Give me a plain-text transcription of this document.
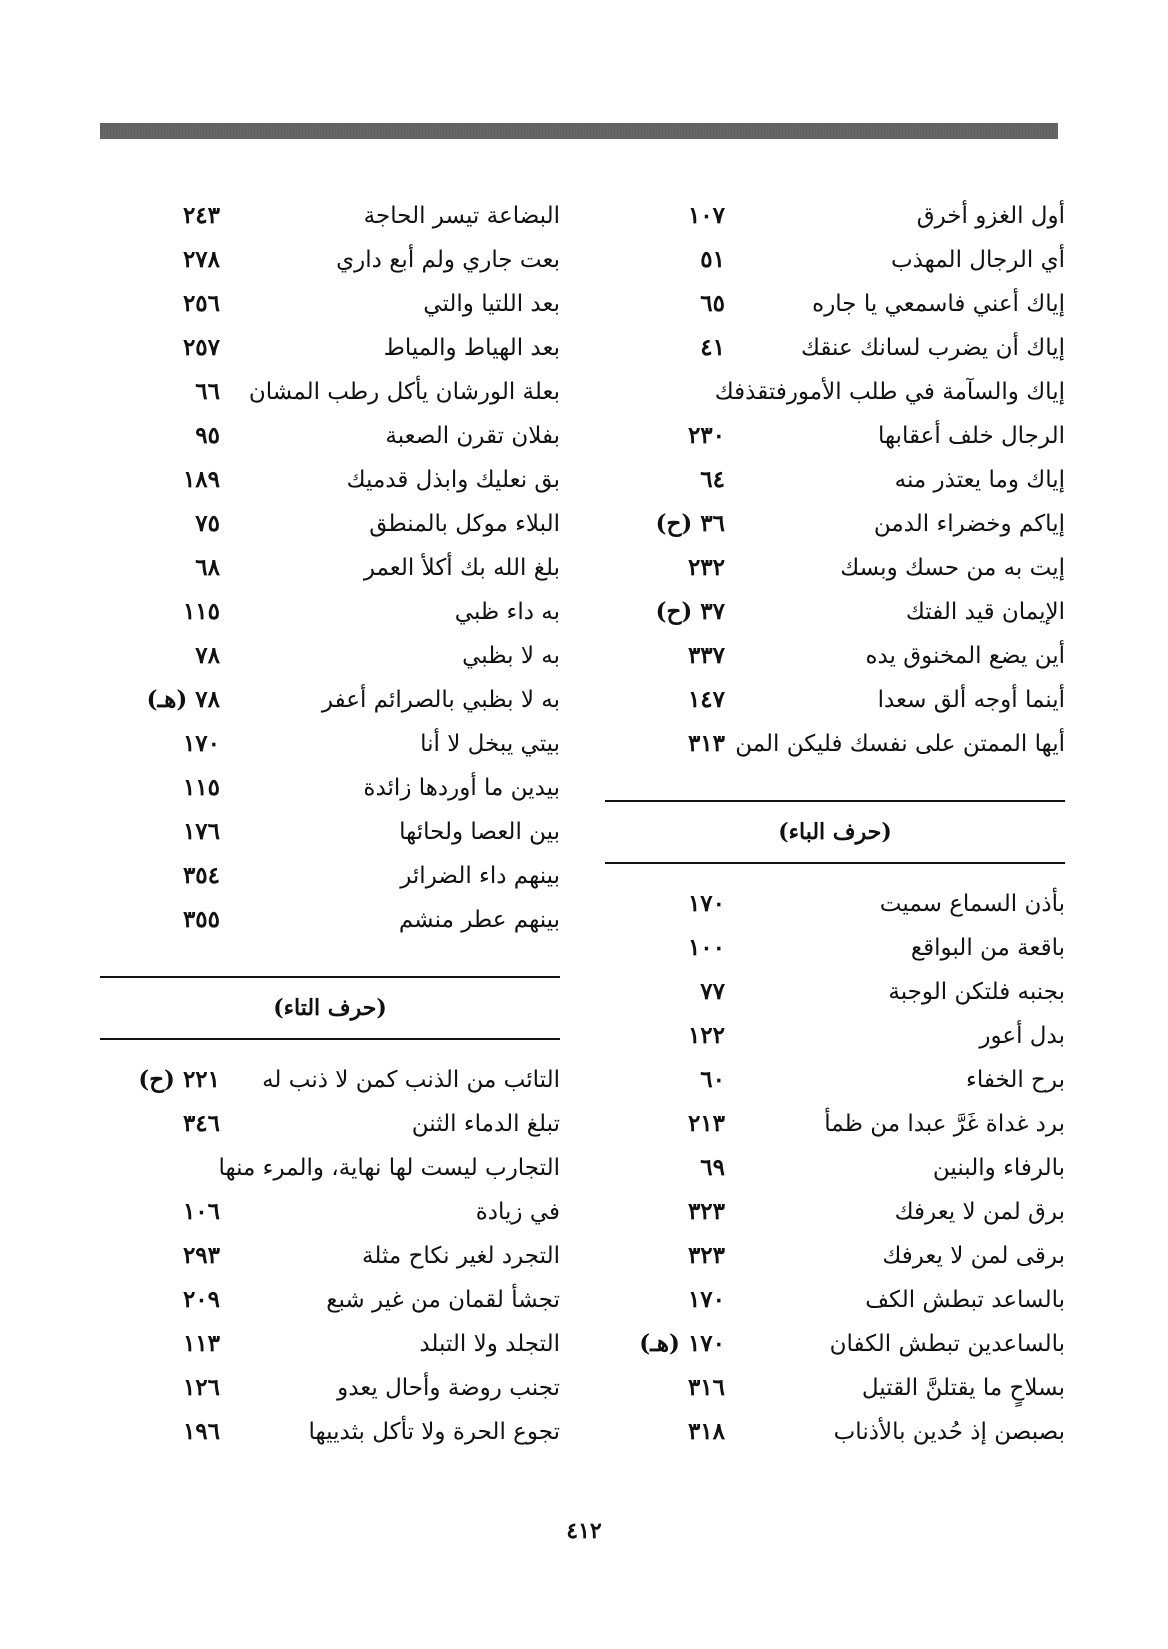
أول الغزو أخرق
١٠٧
أي الرجال المهذب
٥١
إياك أعني فاسمعي يا جاره
٦٥
إياك أن يضرب لسانك عنقك
٤١
إياك والسآمة في طلب الأمورفتقذفك
الرجال خلف أعقابها
٢٣٠
إياك وما يعتذر منه
٦٤
إياكم وخضراء الدمن
٣٦ (ح)
إيت به من حسك وبسك
٢٣٢
الإيمان قيد الفتك
٣٧ (ح)
أين يضع المخنوق يده
٣٣٧
أينما أوجه ألق سعدا
١٤٧
أيها الممتن على نفسك فليكن المن
٣١٣
(حرف الباء)
بأذن السماع سميت
١٧٠
باقعة من البواقع
١٠٠
بجنبه فلتكن الوجبة
٧٧
بدل أعور
١٢٢
برح الخفاء
٦٠
برد غداة غَرَّ عبدا من ظمأ
٢١٣
بالرفاء والبنين
٦٩
برق لمن لا يعرفك
٣٢٣
برقى لمن لا يعرفك
٣٢٣
بالساعد تبطش الكف
١٧٠
بالساعدين تبطش الكفان
١٧٠ (هـ)
بسلاحٍ ما يقتلنَّ القتيل
٣١٦
بصبصن إذ حُدين بالأذناب
٣١٨
البضاعة تيسر الحاجة
٢٤٣
بعت جاري ولم أبع داري
٢٧٨
بعد اللتيا والتي
٢٥٦
بعد الهياط والمياط
٢٥٧
بعلة الورشان يأكل رطب المشان
٦٦
بفلان تقرن الصعبة
٩٥
بق نعليك وابذل قدميك
١٨٩
البلاء موكل بالمنطق
٧٥
بلغ الله بك أكلأ العمر
٦٨
به داء ظبي
١١٥
به لا بظبي
٧٨
به لا بظبي بالصرائم أعفر
٧٨ (هـ)
بيتي يبخل لا أنا
١٧٠
بيدين ما أوردها زائدة
١١٥
بين العصا ولحائها
١٧٦
بينهم داء الضرائر
٣٥٤
بينهم عطر منشم
٣٥٥
(حرف التاء)
التائب من الذنب كمن لا ذنب له
٢٢١ (ح)
تبلغ الدماء الثنن
٣٤٦
التجارب ليست لها نهاية، والمرء منها
في زيادة
١٠٦
التجرد لغير نكاح مثلة
٢٩٣
تجشأ لقمان من غير شبع
٢٠٩
التجلد ولا التبلد
١١٣
تجنب روضة وأحال يعدو
١٢٦
تجوع الحرة ولا تأكل بثدييها
١٩٦
٤١٢
